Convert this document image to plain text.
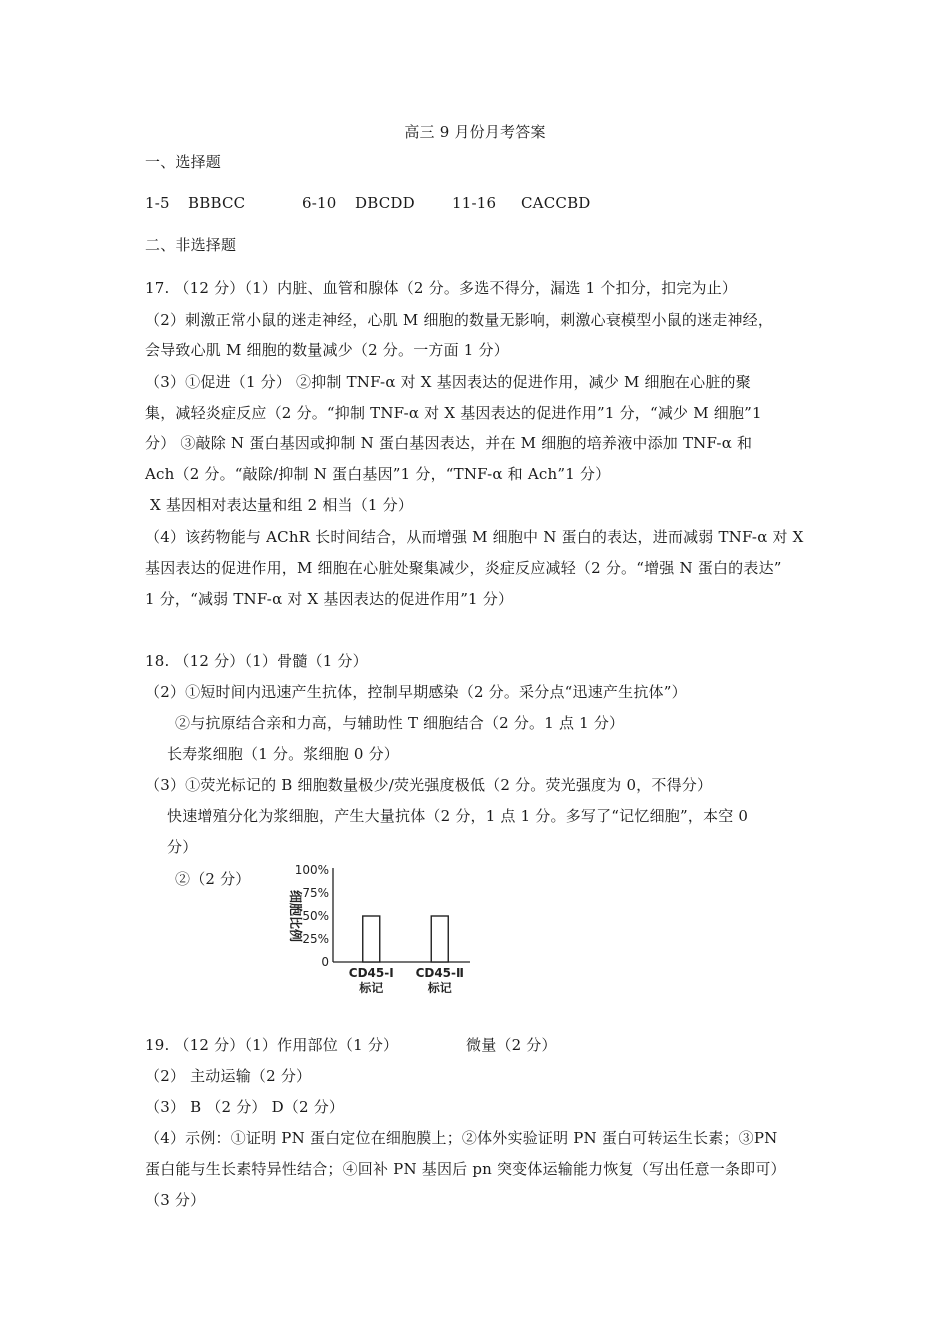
高三 9 月份月考答案
一、选择题
1-5 BBBCC	6-10 DBCDD 11-16 CACCBD
二、非选择题
17. （12 分）（1）内脏、血管和腺体（2 分。多选不得分，漏选 1 个扣分，扣完为止）
（2）刺激正常小鼠的迷走神经，心肌 M 细胞的数量无影响，刺激心衰模型小鼠的迷走神经，
会导致心肌 M 细胞的数量减少（2 分。一方面 1 分）
（3）①促进（1 分） ②抑制 TNF-α 对 X 基因表达的促进作用，减少 M 细胞在心脏的聚
集，减轻炎症反应（2 分。“抑制 TNF-α 对 X 基因表达的促进作用”1 分，“减少 M 细胞”1
分） ③敲除 N 蛋白基因或抑制 N 蛋白基因表达，并在 M 细胞的培养液中添加 TNF-α 和
Ach（2 分。“敲除/抑制 N 蛋白基因”1 分，“TNF-α 和 Ach”1 分）
X 基因相对表达量和组 2 相当（1 分）
（4）该药物能与 AChR 长时间结合，从而增强 M 细胞中 N 蛋白的表达，进而减弱 TNF-α 对 X
基因表达的促进作用，M 细胞在心脏处聚集减少，炎症反应减轻（2 分。“增强 N 蛋白的表达”
1 分，“减弱 TNF-α 对 X 基因表达的促进作用”1 分）
18. （12 分）（1）骨髓（1 分）
（2）①短时间内迅速产生抗体，控制早期感染（2 分。采分点“迅速产生抗体”）
②与抗原结合亲和力高，与辅助性 T 细胞结合（2 分。1 点 1 分）
长寿浆细胞（1 分。浆细胞 0 分）
（3）①荧光标记的 B 细胞数量极少/荧光强度极低（2 分。荧光强度为 0，不得分）
快速增殖分化为浆细胞，产生大量抗体（2 分，1 点 1 分。多写了“记忆细胞”，本空 0
分）
②（2 分）
0
25%
50%
75%
100%
细胞比例
CD45-Ⅰ
标记
CD45-Ⅱ
标记
19. （12 分）（1）作用部位（1 分）	微量（2 分）
（2） 主动运输（2 分）
（3） B （2 分） D（2 分）
（4）示例：①证明 PN 蛋白定位在细胞膜上；②体外实验证明 PN 蛋白可转运生长素；③PN
蛋白能与生长素特异性结合；④回补 PN 基因后 pn 突变体运输能力恢复（写出任意一条即可）
（3 分）
